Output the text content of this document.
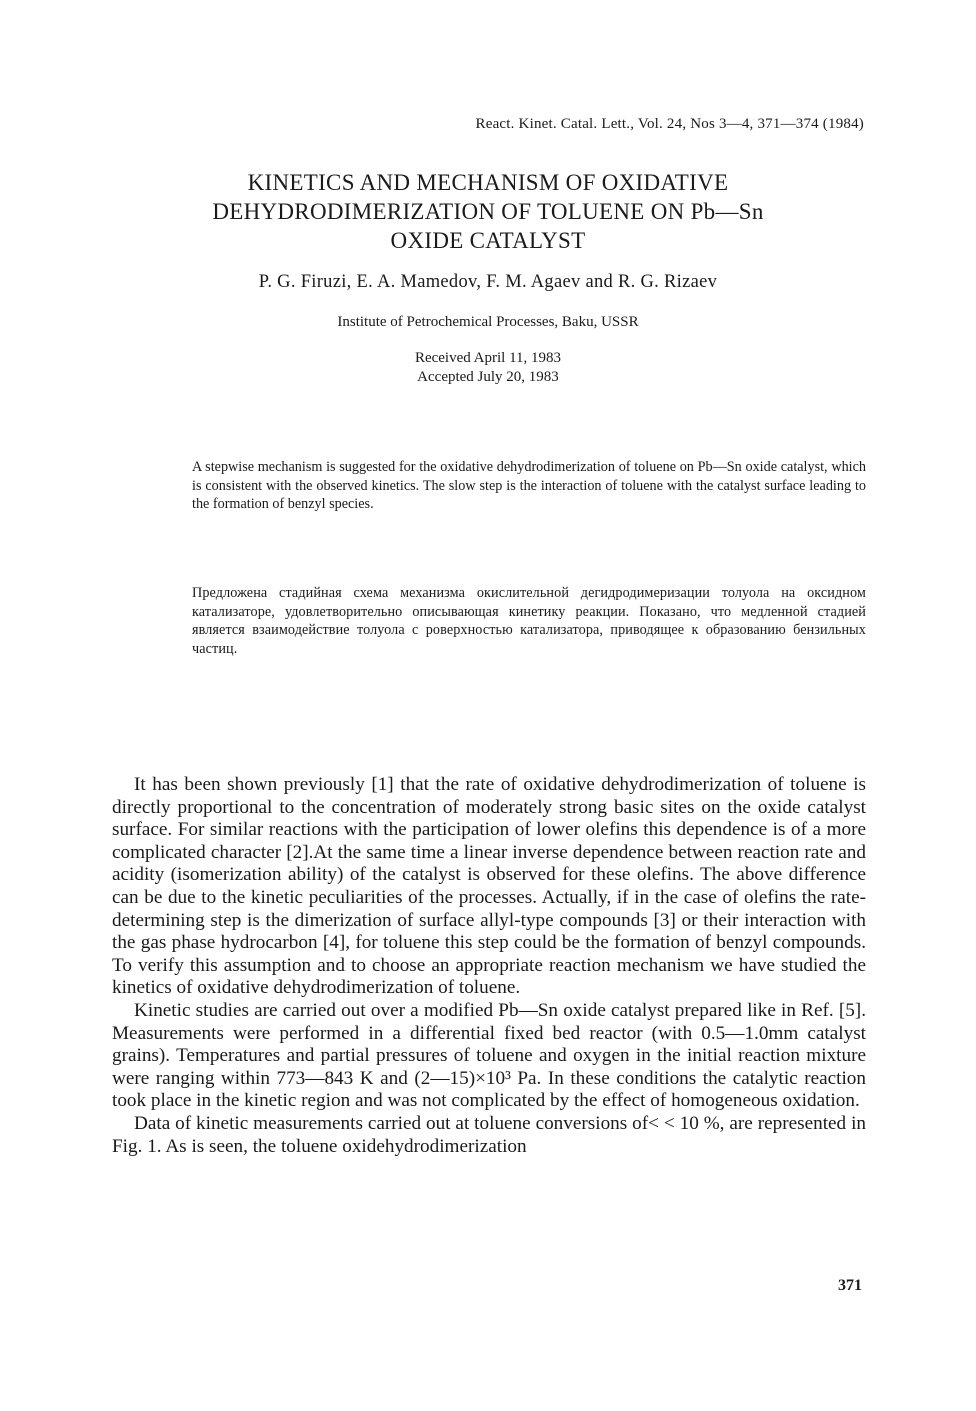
React. Kinet. Catal. Lett., Vol. 24, Nos 3—4, 371—374 (1984)
KINETICS AND MECHANISM OF OXIDATIVE
DEHYDRODIMERIZATION OF TOLUENE ON Pb—Sn
OXIDE CATALYST
P. G. Firuzi, E. A. Mamedov, F. M. Agaev and R. G. Rizaev
Institute of Petrochemical Processes, Baku, USSR
Received April 11, 1983
Accepted July 20, 1983

A stepwise mechanism is suggested for the oxidative dehydrodimerization of toluene on Pb—Sn oxide catalyst, which is consistent with the observed kinetics. The slow step is the interaction of toluene with the catalyst surface leading to the formation of benzyl species.

Предложена стадийная схема механизма окислительной дегидродимеризации толуола на оксидном катализаторе, удовлетворительно описывающая кинетику реакции. Показано, что медленной стадией является взаимодействие толуола с роверхностью катализатора, приводящее к образованию бензильных частиц.

It has been shown previously [1] that the rate of oxidative dehydrodimerization of toluene is directly proportional to the concentration of moderately strong basic sites on the oxide catalyst surface. For similar reactions with the participation of lower olefins this dependence is of a more complicated character [2].At the same time a linear inverse dependence between reaction rate and acidity (isomerization ability) of the catalyst is observed for these olefins. The above difference can be due to the kinetic peculiarities of the processes. Actually, if in the case of olefins the rate-determining step is the dimerization of surface allyl-type compounds [3] or their interaction with the gas phase hydrocarbon [4], for toluene this step could be the formation of benzyl compounds. To verify this assumption and to choose an appropriate reaction mechanism we have studied the kinetics of oxidative dehydrodimerization of toluene.

Kinetic studies are carried out over a modified Pb—Sn oxide catalyst prepared like in Ref. [5]. Measurements were performed in a differential fixed bed reactor (with 0.5—1.0mm catalyst grains). Temperatures and partial pressures of toluene and oxygen in the initial reaction mixture were ranging within 773—843 K and (2—15)×10³ Pa. In these conditions the catalytic reaction took place in the kinetic region and was not complicated by the effect of homogeneous oxidation.

Data of kinetic measurements carried out at toluene conversions of< < 10 %, are represented in Fig. 1. As is seen, the toluene oxidehydrodimerization

371
